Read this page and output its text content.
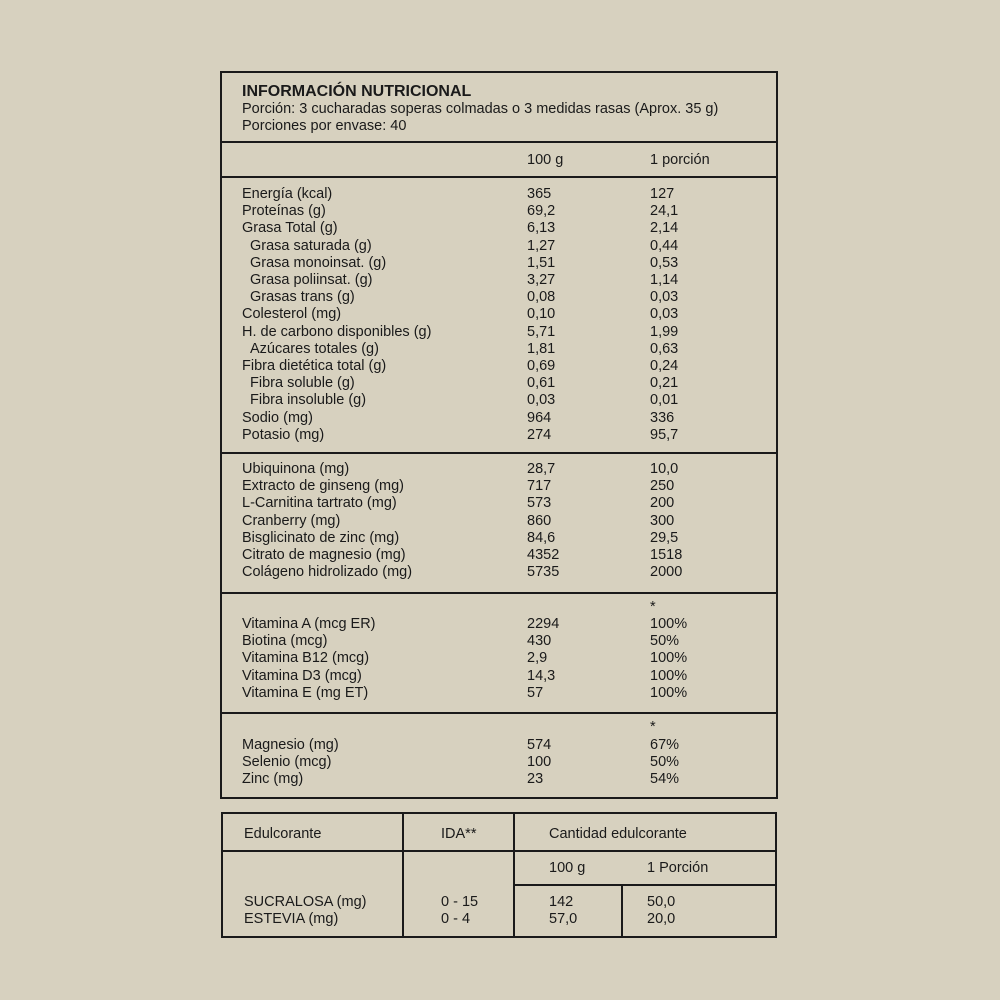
INFORMACIÓN NUTRICIONAL
Porción: 3 cucharadas soperas colmadas o 3 medidas rasas (Aprox. 35 g)
Porciones por envase: 40
100 g	1 porción
Energía (kcal)	365	127
Proteínas (g)	69,2	24,1
Grasa Total (g)	6,13	2,14
Grasa saturada (g)	1,27	0,44
Grasa monoinsat. (g)	1,51	0,53
Grasa poliinsat. (g)	3,27	1,14
Grasas trans (g)	0,08	0,03
Colesterol (mg)	0,10	0,03
H. de carbono disponibles (g)	5,71	1,99
Azúcares totales (g)	1,81	0,63
Fibra dietética total (g)	0,69	0,24
Fibra soluble (g)	0,61	0,21
Fibra insoluble (g)	0,03	0,01
Sodio (mg)	964	336
Potasio (mg)	274	95,7
Ubiquinona (mg)	28,7	10,0
Extracto de ginseng (mg)	717	250
L-Carnitina tartrato (mg)	573	200
Cranberry (mg)	860	300
Bisglicinato de zinc (mg)	84,6	29,5
Citrato de magnesio (mg)	4352	1518
Colágeno hidrolizado (mg)	5735	2000
*
Vitamina A (mcg ER)	2294	100%
Biotina (mcg)	430	50%
Vitamina B12 (mcg)	2,9	100%
Vitamina D3 (mcg)	14,3	100%
Vitamina E (mg ET)	57	100%
*
Magnesio (mg)	574	67%
Selenio (mcg)	100	50%
Zinc (mg)	23	54%
Edulcorante	IDA**	Cantidad edulcorante
100 g	1 Porción
SUCRALOSA (mg)	0 - 15	142	50,0
ESTEVIA (mg)	0 - 4	57,0	20,0
